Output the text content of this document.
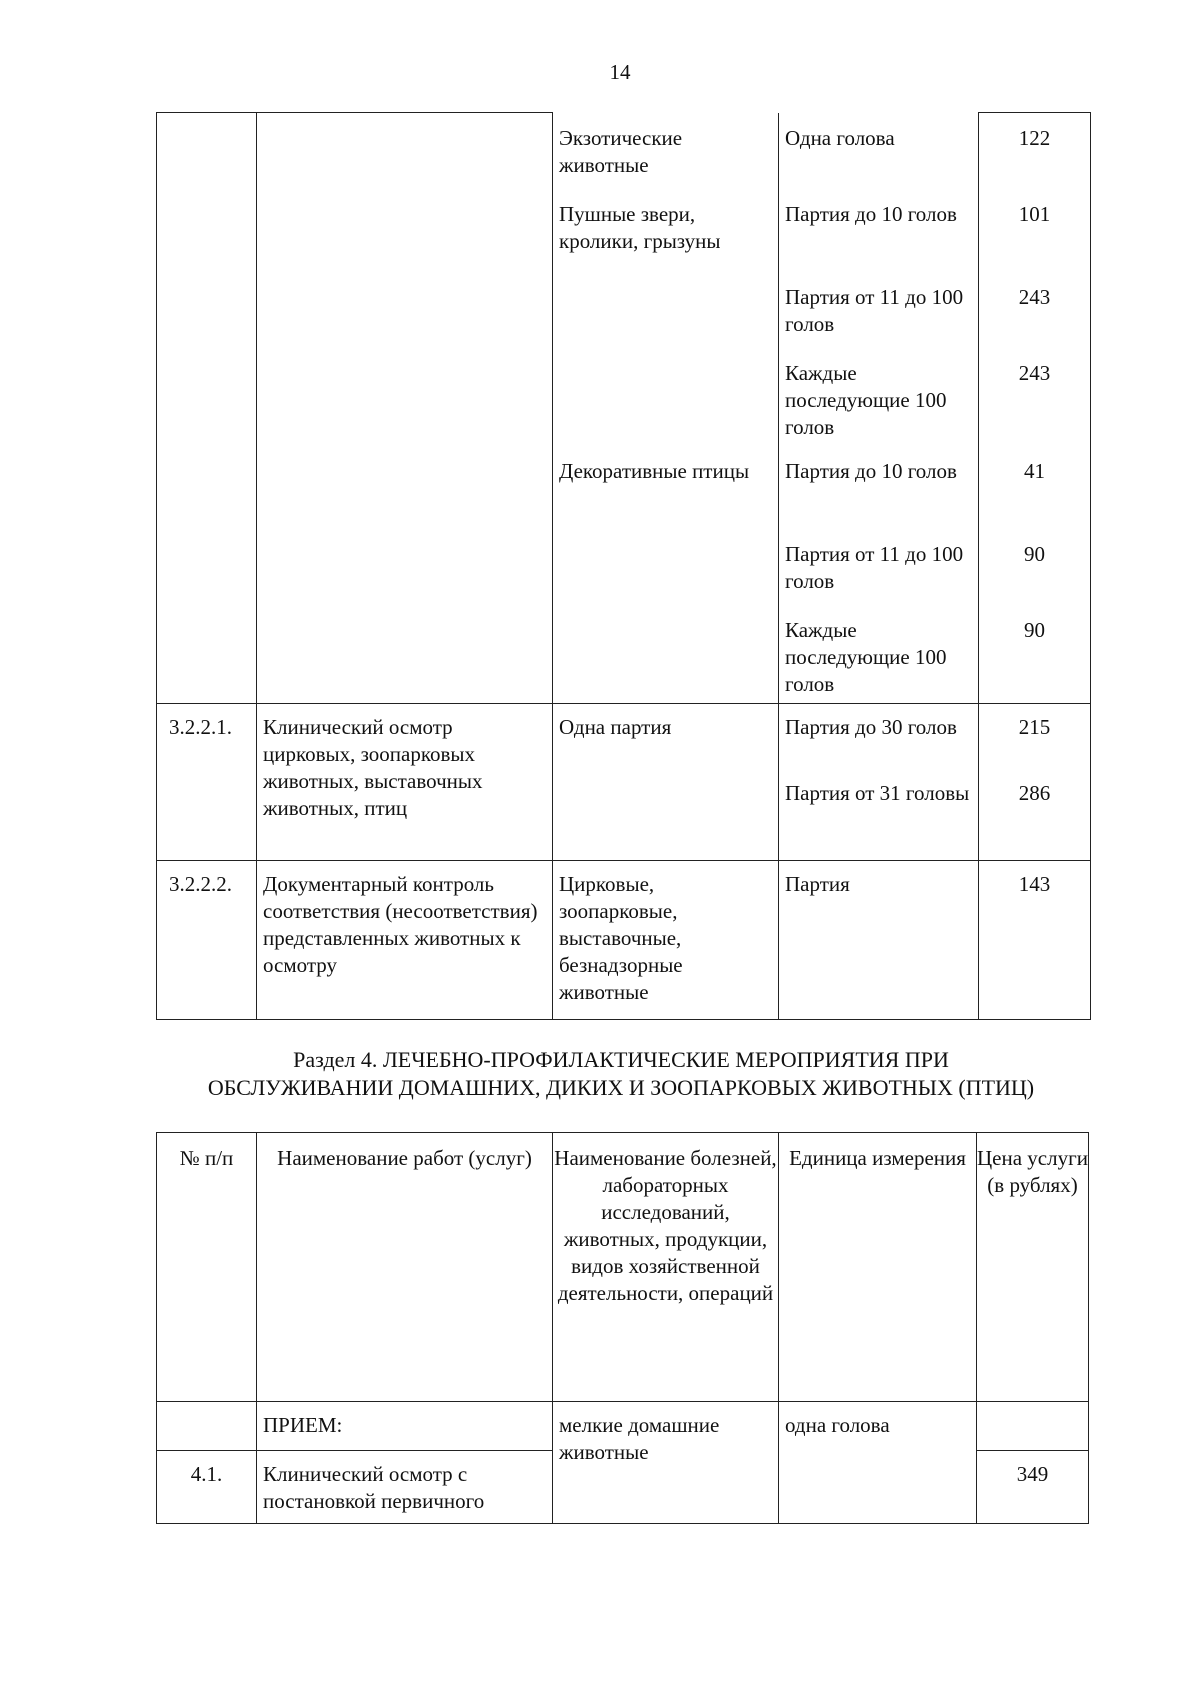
14
		Экзотические животные	Одна голова	122
		Пушные звери, кролики, грызуны	Партия до 10 голов	101
			Партия от 11 до 100 голов	243
			Каждые последующие 100 голов	243
		Декоративные птицы	Партия до 10 голов	41
			Партия от 11 до 100 голов	90
			Каждые последующие 100 голов	90
3.2.2.1.	Клинический осмотр цирковых, зоопарковых животных, выставочных животных, птиц	Одна партия	Партия до 30 голов	215
			Партия от 31 головы	286
3.2.2.2.	Документарный контроль соответствия (несоответствия) представленных животных к осмотру	Цирковые, зоопарковые, выставочные, безнадзорные животные	Партия	143
Раздел 4. ЛЕЧЕБНО-ПРОФИЛАКТИЧЕСКИЕ МЕРОПРИЯТИЯ ПРИ
ОБСЛУЖИВАНИИ ДОМАШНИХ, ДИКИХ И ЗООПАРКОВЫХ ЖИВОТНЫХ (ПТИЦ)
№ п/п	Наименование работ (услуг)	Наименование болезней, лабораторных исследований, животных, продукции, видов хозяйственной деятельности, операций	Единица измерения	Цена услуги (в рублях)
	ПРИЕМ:	мелкие домашние животные	одна голова	
4.1.	Клинический осмотр с постановкой первичного			349
